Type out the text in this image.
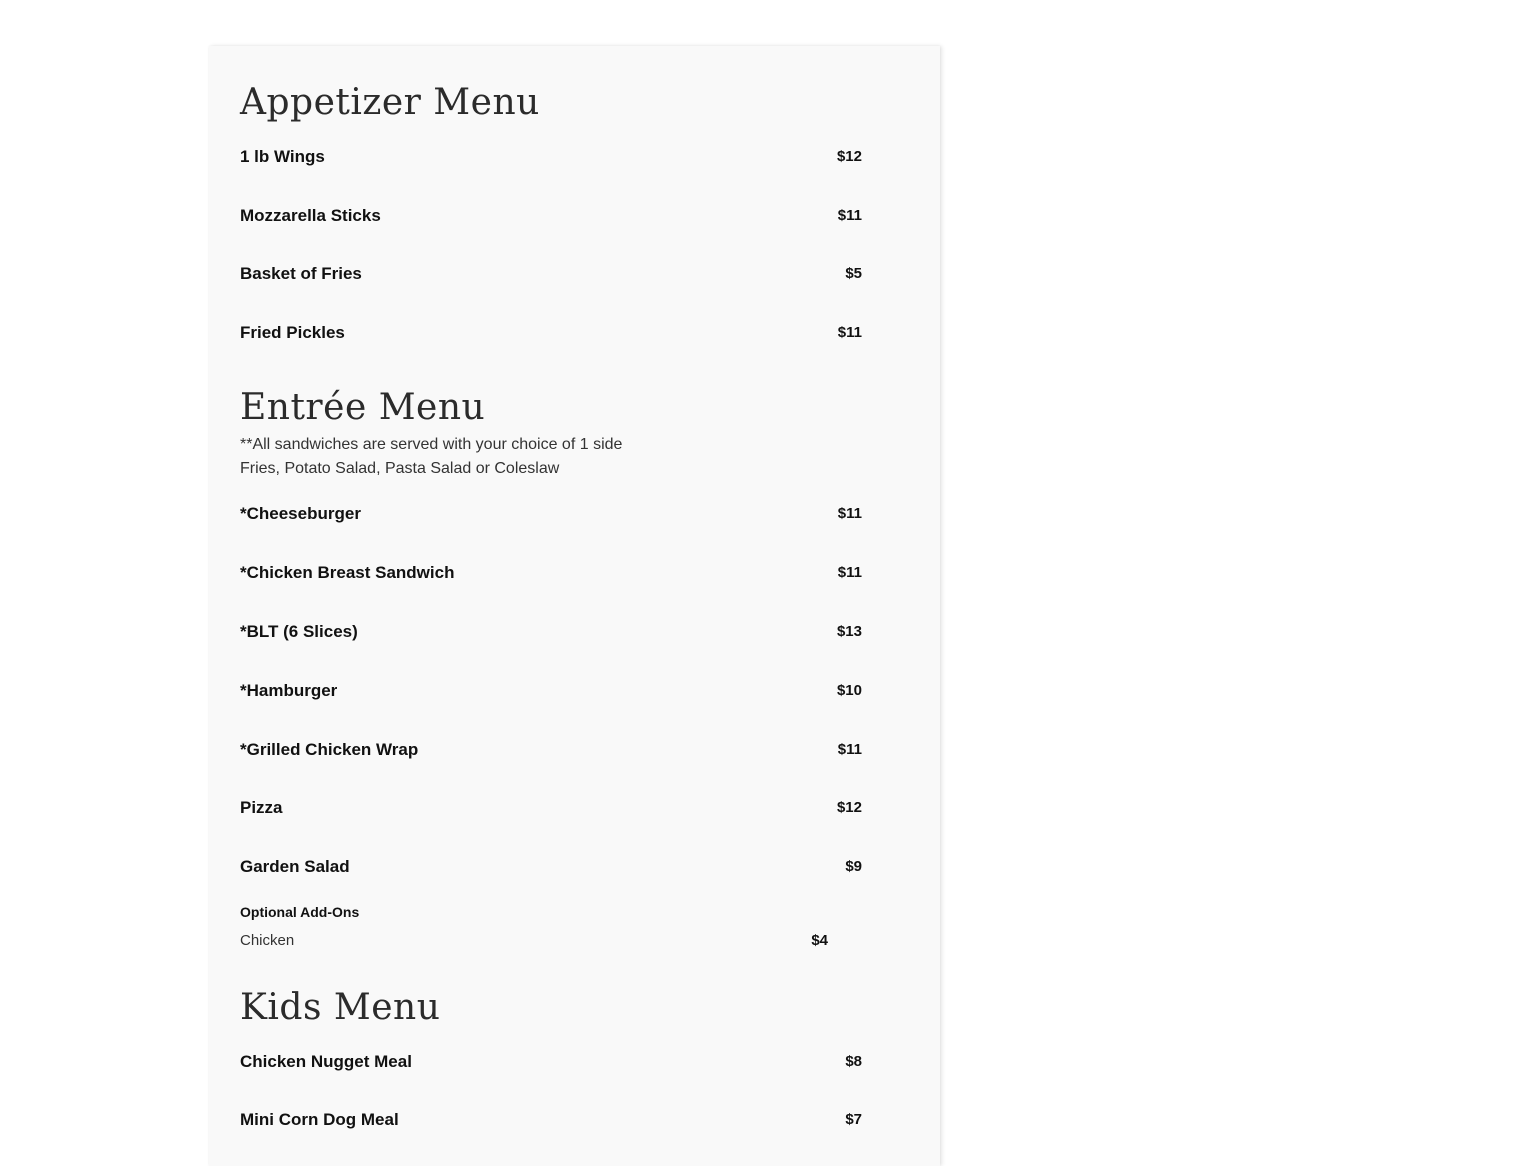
Appetizer Menu
1 lb Wings	$12
Mozzarella Sticks	$11
Basket of Fries	$5
Fried Pickles	$11
Entrée Menu
**All sandwiches are served with your choice of 1 side
Fries, Potato Salad, Pasta Salad or Coleslaw
*Cheeseburger	$11
*Chicken Breast Sandwich	$11
*BLT (6 Slices)	$13
*Hamburger	$10
*Grilled Chicken Wrap	$11
Pizza	$12
Garden Salad	$9
Optional Add-Ons
Chicken	$4
Kids Menu
Chicken Nugget Meal	$8
Mini Corn Dog Meal	$7
